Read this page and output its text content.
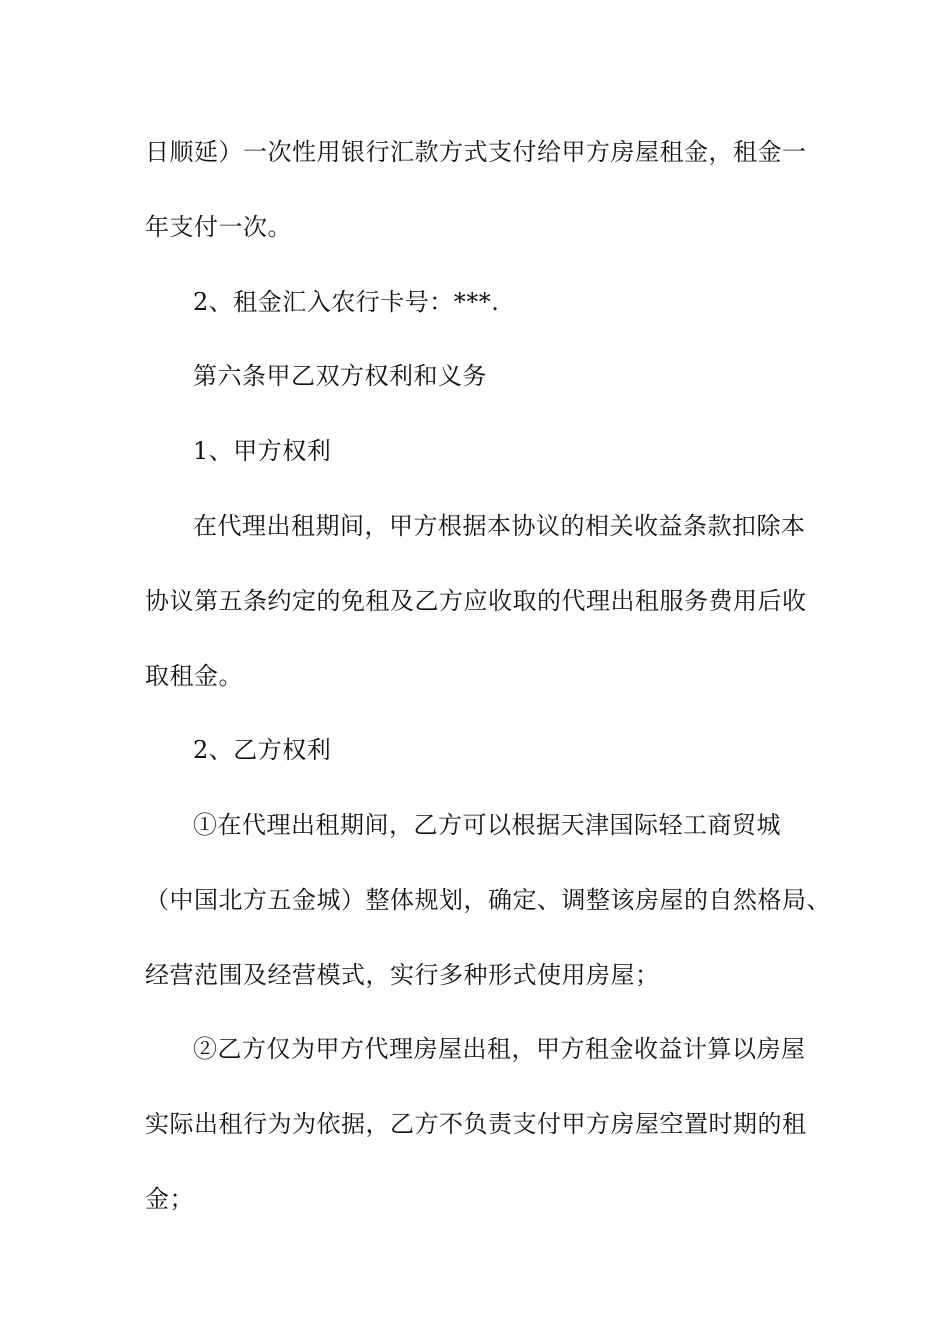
日顺延）一次性用银行汇款方式支付给甲方房屋租金，租金一
年支付一次。
2、租金汇入农行卡号：***.
第六条甲乙双方权利和义务
1、甲方权利
在代理出租期间，甲方根据本协议的相关收益条款扣除本
协议第五条约定的免租及乙方应收取的代理出租服务费用后收
取租金。
2、乙方权利
①在代理出租期间，乙方可以根据天津国际轻工商贸城
（中国北方五金城）整体规划，确定、调整该房屋的自然格局、
经营范围及经营模式，实行多种形式使用房屋；
②乙方仅为甲方代理房屋出租，甲方租金收益计算以房屋
实际出租行为为依据，乙方不负责支付甲方房屋空置时期的租
金；
